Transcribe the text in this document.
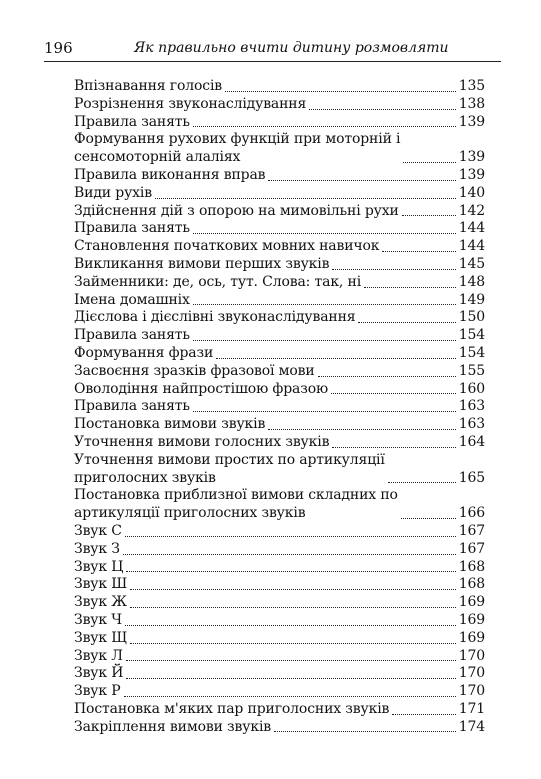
196	Як правильно вчити дитину розмовляти
Впізнавання голосів	135
Розрізнення звуконаслідування	138
Правила занять	139
Формування рухових функцій при моторній і
сенсомоторній алаліях	139
Правила виконання вправ	139
Види рухів	140
Здійснення дій з опорою на мимовільні рухи	142
Правила занять	144
Становлення початкових мовних навичок	144
Викликання вимови перших звуків	145
Займенники: де, ось, тут. Слова: так, ні	148
Імена домашніх	149
Дієслова і дієслівні звуконаслідування	150
Правила занять	154
Формування фрази	154
Засвоєння зразків фразової мови	155
Оволодіння найпростішою фразою	160
Правила занять	163
Постановка вимови звуків	163
Уточнення вимови голосних звуків	164
Уточнення вимови простих по артикуляції
приголосних звуків	165
Постановка приблизної вимови складних по
артикуляції приголосних звуків	166
Звук С	167
Звук З	167
Звук Ц	168
Звук Ш	168
Звук Ж	169
Звук Ч	169
Звук Щ	169
Звук Л	170
Звук Й	170
Звук Р	170
Постановка м'яких пар приголосних звуків	171
Закріплення вимови звуків	174
